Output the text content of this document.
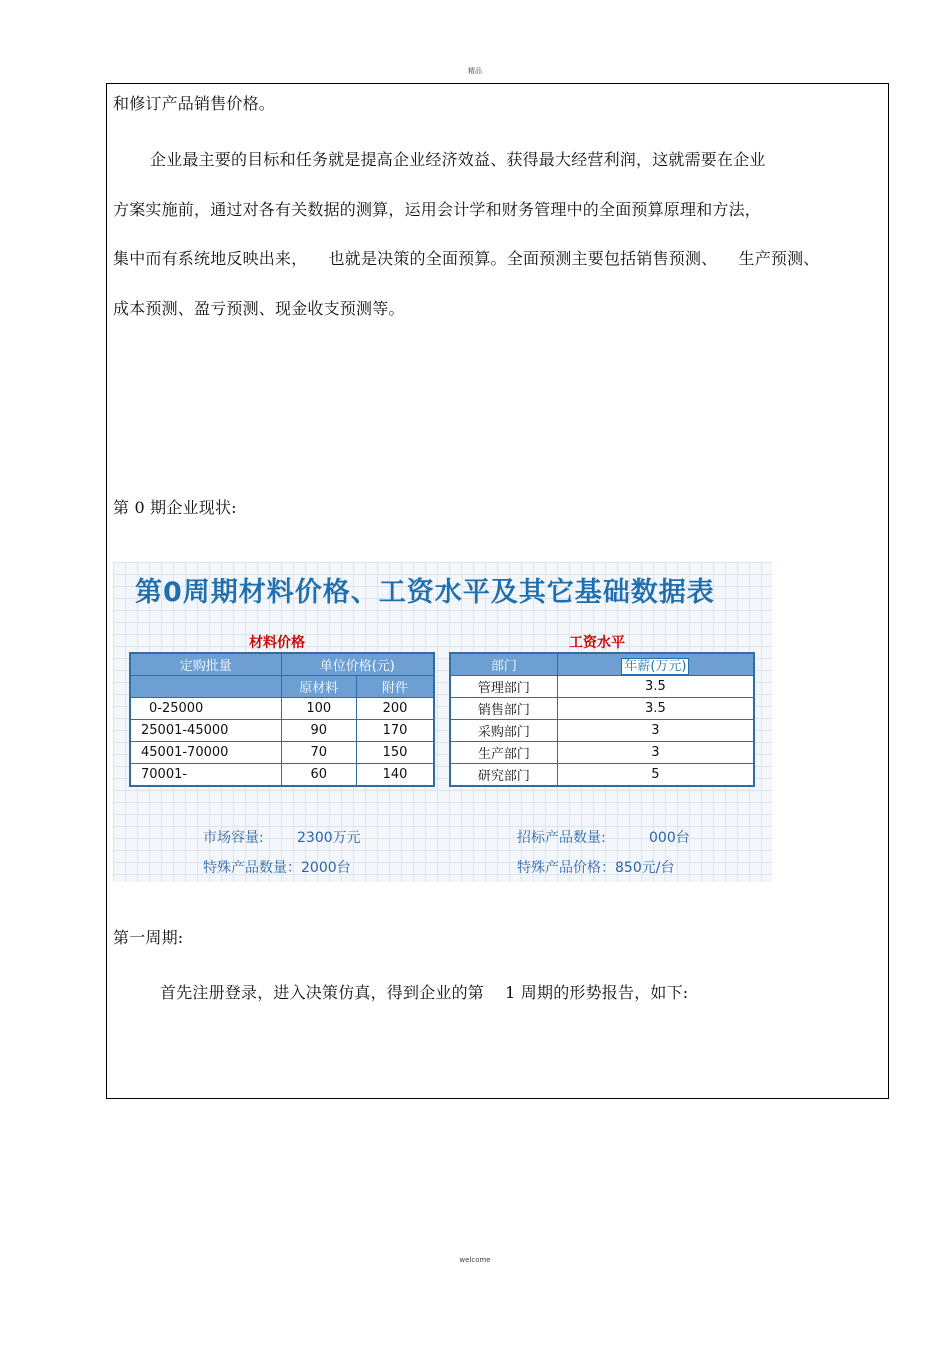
精品
和修订产品销售价格。
企业最主要的目标和任务就是提高企业经济效益、获得最大经营利润，这就需要在企业
方案实施前，通过对各有关数据的测算，运用会计学和财务管理中的全面预算原理和方法，
集中而有系统地反映出来，    也就是决策的全面预算。全面预测主要包括销售预测、    生产预测、
成本预测、盈亏预测、现金收支预测等。
第 0 期企业现状:
第0周期材料价格、工资水平及其它基础数据表
材料价格	工资水平
定购批量	单位价格(元)	
	原材料	附件
0-25000	100	200
25001-45000	90	170
45001-70000	70	150
70001-	60	140
部门	年薪(万元)
管理部门	3.5
销售部门	3.5
采购部门	3
生产部门	3
研究部门	5
市场容量: 2300万元	招标产品数量:	000台
特殊产品数量：2000台	特殊产品价格：850元/台
第一周期:
首先注册登录，进入决策仿真，得到企业的第    1 周期的形势报告，如下:
welcome
